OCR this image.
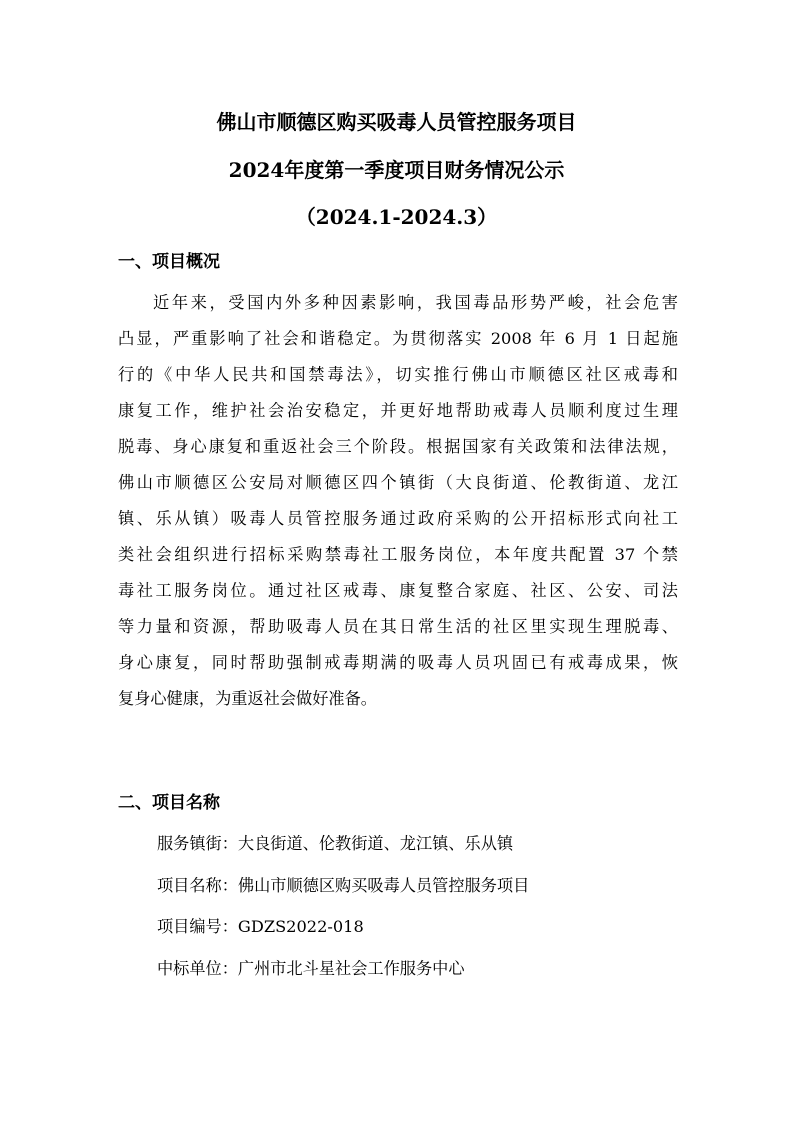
佛山市顺德区购买吸毒人员管控服务项目
2024年度第一季度项目财务情况公示
（2024.1-2024.3）
一、项目概况
近年来，受国内外多种因素影响，我国毒品形势严峻，社会危害
凸显，严重影响了社会和谐稳定。为贯彻落实 2008 年 6 月 1 日起施
行的《中华人民共和国禁毒法》，切实推行佛山市顺德区社区戒毒和
康复工作，维护社会治安稳定，并更好地帮助戒毒人员顺利度过生理
脱毒、身心康复和重返社会三个阶段。根据国家有关政策和法律法规，
佛山市顺德区公安局对顺德区四个镇街（大良街道、伦教街道、龙江
镇、乐从镇）吸毒人员管控服务通过政府采购的公开招标形式向社工
类社会组织进行招标采购禁毒社工服务岗位，本年度共配置 37 个禁
毒社工服务岗位。通过社区戒毒、康复整合家庭、社区、公安、司法
等力量和资源，帮助吸毒人员在其日常生活的社区里实现生理脱毒、
身心康复，同时帮助强制戒毒期满的吸毒人员巩固已有戒毒成果，恢
复身心健康，为重返社会做好准备。
二、项目名称
服务镇街：大良街道、伦教街道、龙江镇、乐从镇
项目名称：佛山市顺德区购买吸毒人员管控服务项目
项目编号：GDZS2022-018
中标单位：广州市北斗星社会工作服务中心
